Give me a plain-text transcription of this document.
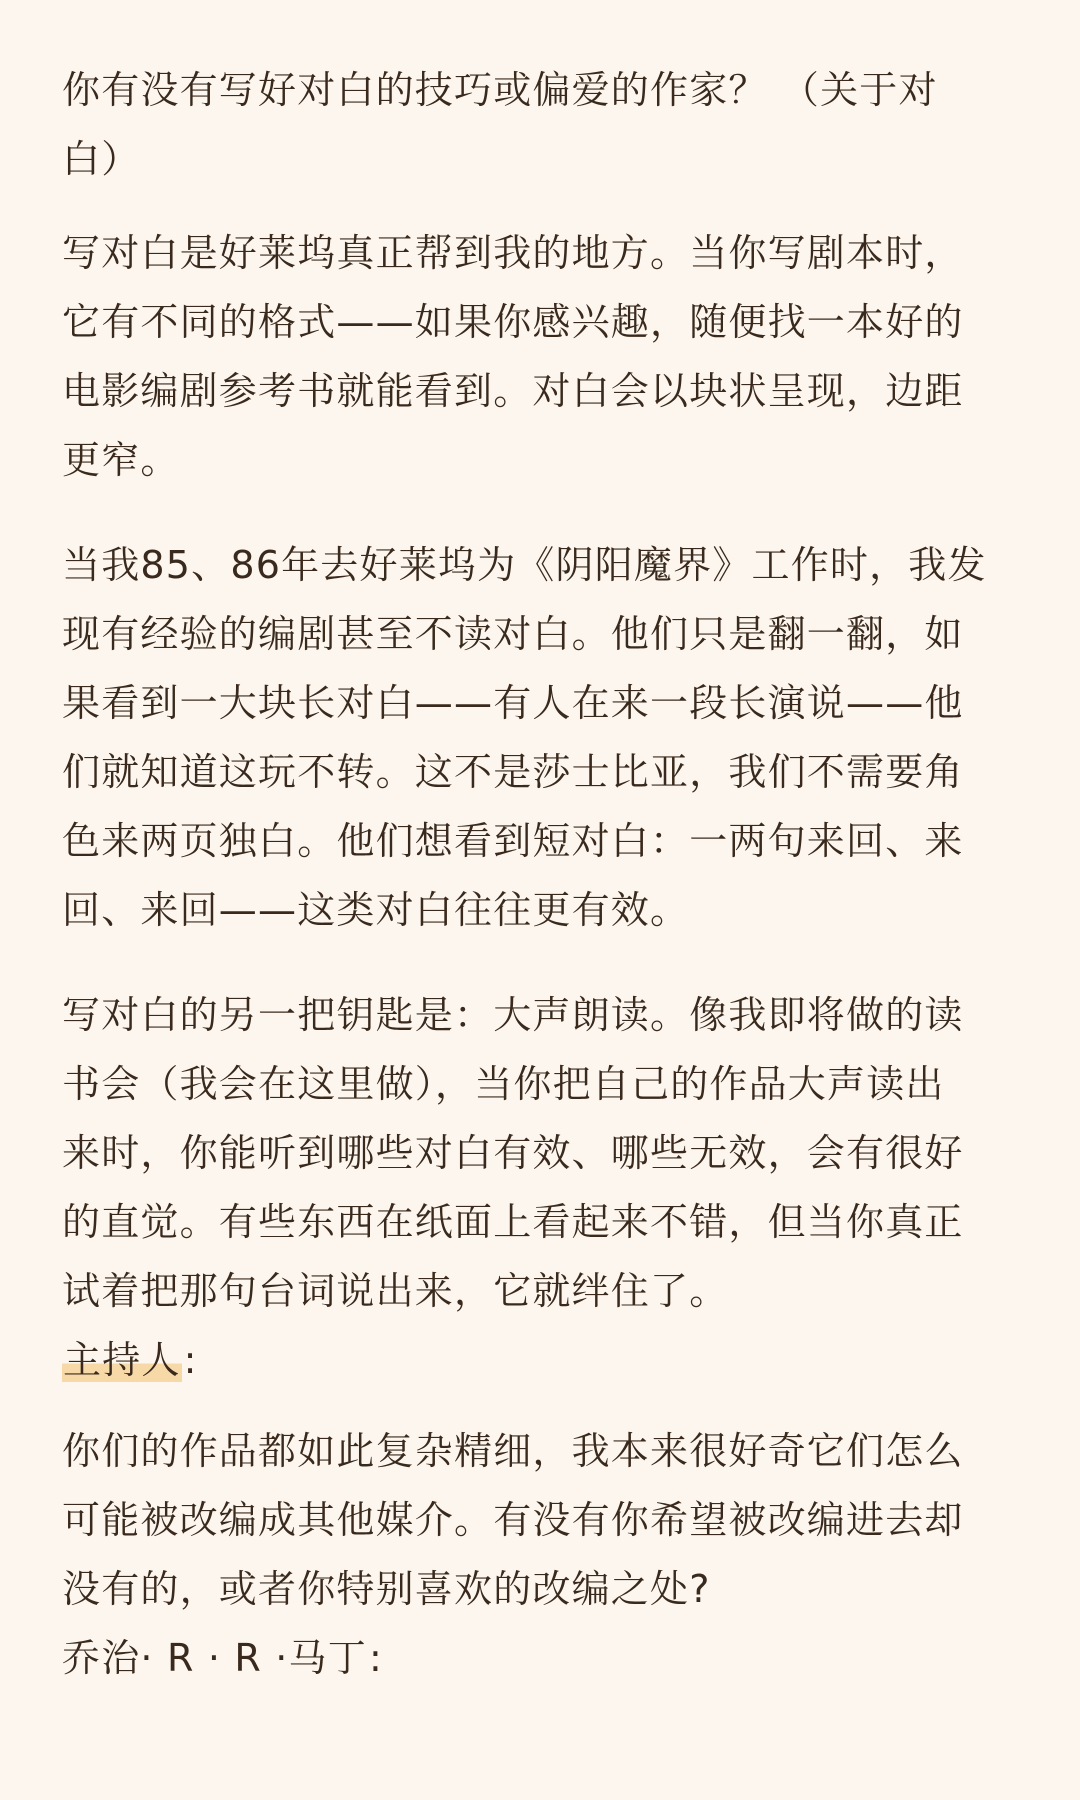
你有没有写好对白的技巧或偏爱的作家？ （关于对
白）

写对白是好莱坞真正帮到我的地方。当你写剧本时，
它有不同的格式——如果你感兴趣，随便找一本好的
电影编剧参考书就能看到。对白会以块状呈现，边距
更窄。

当我85、86年去好莱坞为《阴阳魔界》工作时，我发
现有经验的编剧甚至不读对白。他们只是翻一翻，如
果看到一大块长对白——有人在来一段长演说——他
们就知道这玩不转。这不是莎士比亚，我们不需要角
色来两页独白。他们想看到短对白：一两句来回、来
回、来回——这类对白往往更有效。

写对白的另一把钥匙是：大声朗读。像我即将做的读
书会（我会在这里做），当你把自己的作品大声读出
来时，你能听到哪些对白有效、哪些无效，会有很好
的直觉。有些东西在纸面上看起来不错，但当你真正
试着把那句台词说出来，它就绊住了。

主持人:

你们的作品都如此复杂精细，我本来很好奇它们怎么
可能被改编成其他媒介。有没有你希望被改编进去却
没有的，或者你特别喜欢的改编之处?

乔治· R · R ·马丁:
